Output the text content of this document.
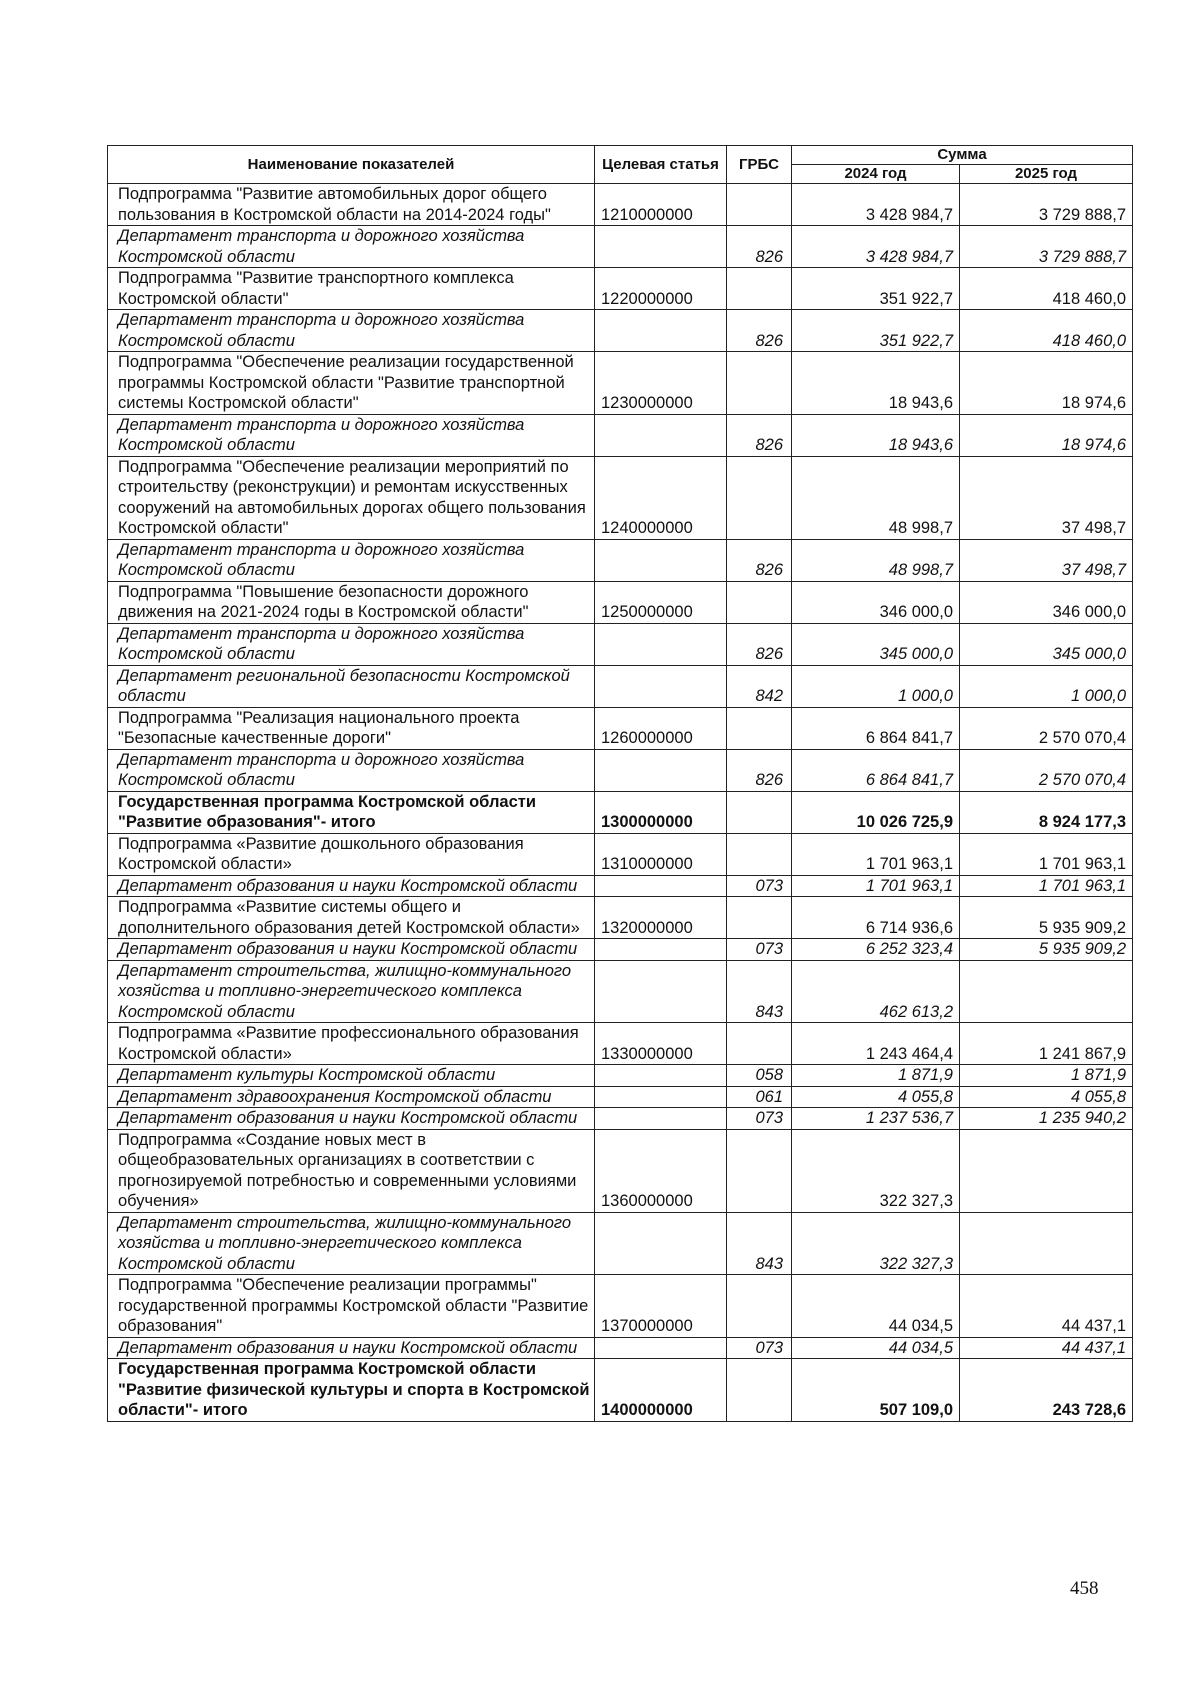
Наименование показателей	Целевая статья	ГРБС	Сумма	
			2024 год	2025 год
Подпрограмма "Развитие автомобильных дорог общего пользования в Костромской области на 2014-2024 годы"	1210000000		3 428 984,7	3 729 888,7
Департамент транспорта и дорожного хозяйства Костромской области		826	3 428 984,7	3 729 888,7
Подпрограмма "Развитие транспортного комплекса Костромской области"	1220000000		351 922,7	418 460,0
Департамент транспорта и дорожного хозяйства Костромской области		826	351 922,7	418 460,0
Подпрограмма "Обеспечение реализации государственной программы Костромской области "Развитие транспортной системы Костромской области"	1230000000		18 943,6	18 974,6
Департамент транспорта и дорожного хозяйства Костромской области		826	18 943,6	18 974,6
Подпрограмма "Обеспечение реализации мероприятий по строительству (реконструкции) и ремонтам искусственных сооружений на автомобильных дорогах общего пользования Костромской области"	1240000000		48 998,7	37 498,7
Департамент транспорта и дорожного хозяйства Костромской области		826	48 998,7	37 498,7
Подпрограмма "Повышение безопасности дорожного движения на 2021-2024 годы в Костромской области"	1250000000		346 000,0	346 000,0
Департамент транспорта и дорожного хозяйства Костромской области		826	345 000,0	345 000,0
Департамент региональной безопасности Костромской области		842	1 000,0	1 000,0
Подпрограмма "Реализация национального проекта "Безопасные качественные дороги"	1260000000		6 864 841,7	2 570 070,4
Департамент транспорта и дорожного хозяйства Костромской области		826	6 864 841,7	2 570 070,4
Государственная программа Костромской области "Развитие образования"- итого	1300000000		10 026 725,9	8 924 177,3
Подпрограмма «Развитие дошкольного образования Костромской области»	1310000000		1 701 963,1	1 701 963,1
Департамент образования и науки Костромской области		073	1 701 963,1	1 701 963,1
Подпрограмма «Развитие системы общего и дополнительного образования детей Костромской области»	1320000000		6 714 936,6	5 935 909,2
Департамент образования и науки Костромской области		073	6 252 323,4	5 935 909,2
Департамент строительства, жилищно-коммунального хозяйства и топливно-энергетического комплекса Костромской области		843	462 613,2	
Подпрограмма «Развитие профессионального образования Костромской области»	1330000000		1 243 464,4	1 241 867,9
Департамент культуры Костромской области		058	1 871,9	1 871,9
Департамент здравоохранения Костромской области		061	4 055,8	4 055,8
Департамент образования и науки Костромской области		073	1 237 536,7	1 235 940,2
Подпрограмма «Создание новых мест в общеобразовательных организациях в соответствии с прогнозируемой потребностью и современными условиями обучения»	1360000000		322 327,3	
Департамент строительства, жилищно-коммунального хозяйства и топливно-энергетического комплекса Костромской области		843	322 327,3	
Подпрограмма "Обеспечение реализации программы" государственной программы Костромской области "Развитие образования"	1370000000		44 034,5	44 437,1
Департамент образования и науки Костромской области		073	44 034,5	44 437,1
Государственная программа Костромской области "Развитие физической культуры и спорта в Костромской области"- итого	1400000000		507 109,0	243 728,6
458
